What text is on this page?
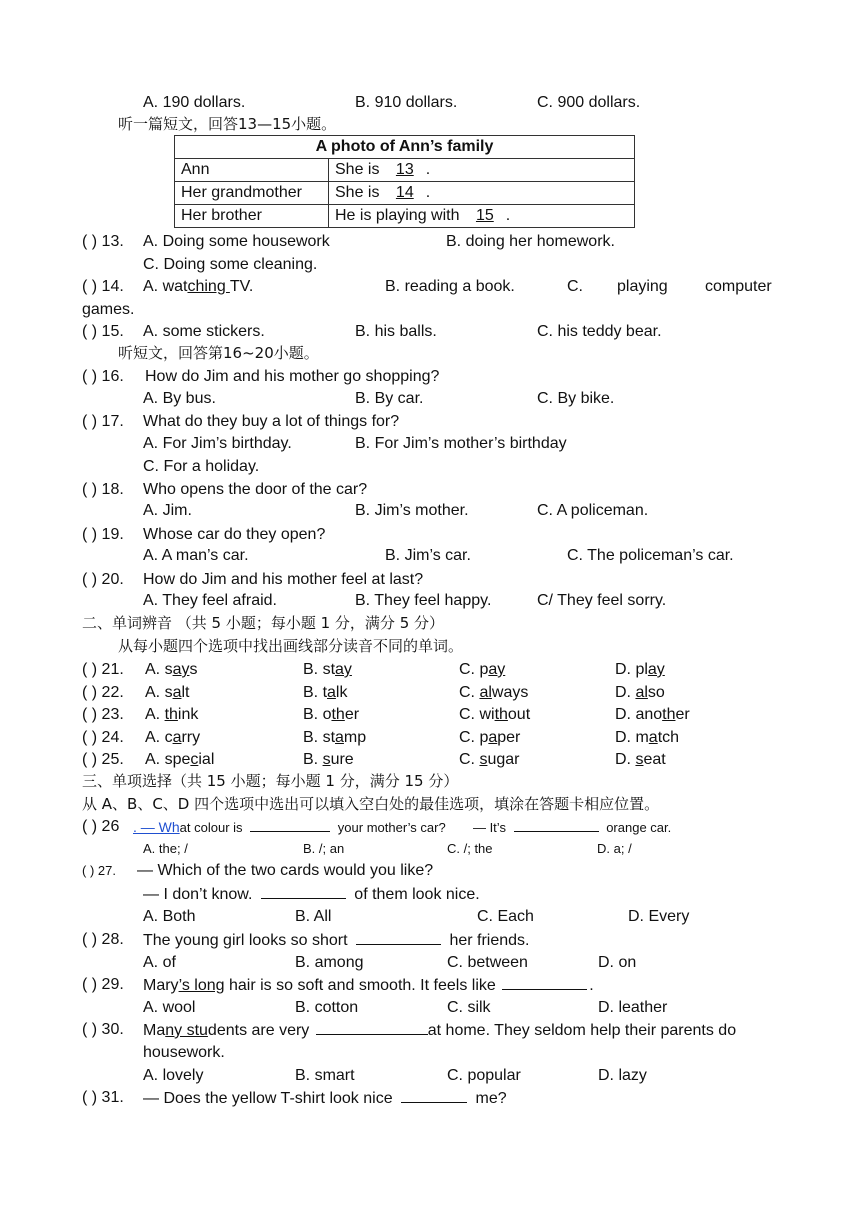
A. 190 dollars.	B. 910 dollars.	C. 900 dollars.
听一篇短文，回答13—15小题。
A photo of Ann’s family	
Ann	She is 13 .
Her grandmother	She is 14 .
Her brother	He is playing with 15 .
( ) 13. A. Doing some housework	B. doing her homework.
C. Doing some cleaning.
( ) 14. A. watching TV.	B. reading a book.	C. playing computer
games.
( ) 15. A. some stickers.	B. his balls.	C. his teddy bear.
听短文，回答第16~20小题。
( ) 16. How do Jim and his mother go shopping?
A. By bus.	B. By car.	C. By bike.
( ) 17. What do they buy a lot of things for?
A. For Jim’s birthday.	B. For Jim’s mother’s birthday
C. For a holiday.
( ) 18. Who opens the door of the car?
A. Jim.	B. Jim’s mother.	C. A policeman.
( ) 19. Whose car do they open?
A. A man’s car.	B. Jim’s car.	C. The policeman’s car.
( ) 20. How do Jim and his mother feel at last?
A. They feel afraid.	B. They feel happy.	C/ They feel sorry.
二、单词辨音 （共 5 小题；每小题 1 分，满分 5 分）
从每小题四个选项中找出画线部分读音不同的单词。
( ) 21. A. says	B. stay	C. pay	D. play
( ) 22. A. salt	B. talk	C. always	D. also
( ) 23. A. think	B. other	C. without	D. another
( ) 24. A. carry	B. stamp	C. paper	D. match
( ) 25. A. special	B. sure	C. sugar	D. seat
三、单项选择（共 15 小题；每小题 1 分，满分 15 分）
从 A、B、C、D 四个选项中选出可以填入空白处的最佳选项，填涂在答题卡相应位置。
( ) 26 . — What colour is	your mother’s car? — It’s	orange car.
A. the; /	B. /; an	C. /; the	D. a; /
( ) 27. — Which of the two cards would you like?
— I don’t know.	of them look nice.
A. Both	B. All	C. Each	D. Every
( ) 28. The young girl looks so short	her friends.
A. of	B. among	C. between	D. on
( ) 29. Mary’s long hair is so soft and smooth. It feels like	.
A. wool	B. cotton	C. silk	D. leather
( ) 30. Many students are very	at home. They seldom help their parents do
housework.
A. lovely	B. smart	C. popular	D. lazy
( ) 31. — Does the yellow T-shirt look nice	me?
